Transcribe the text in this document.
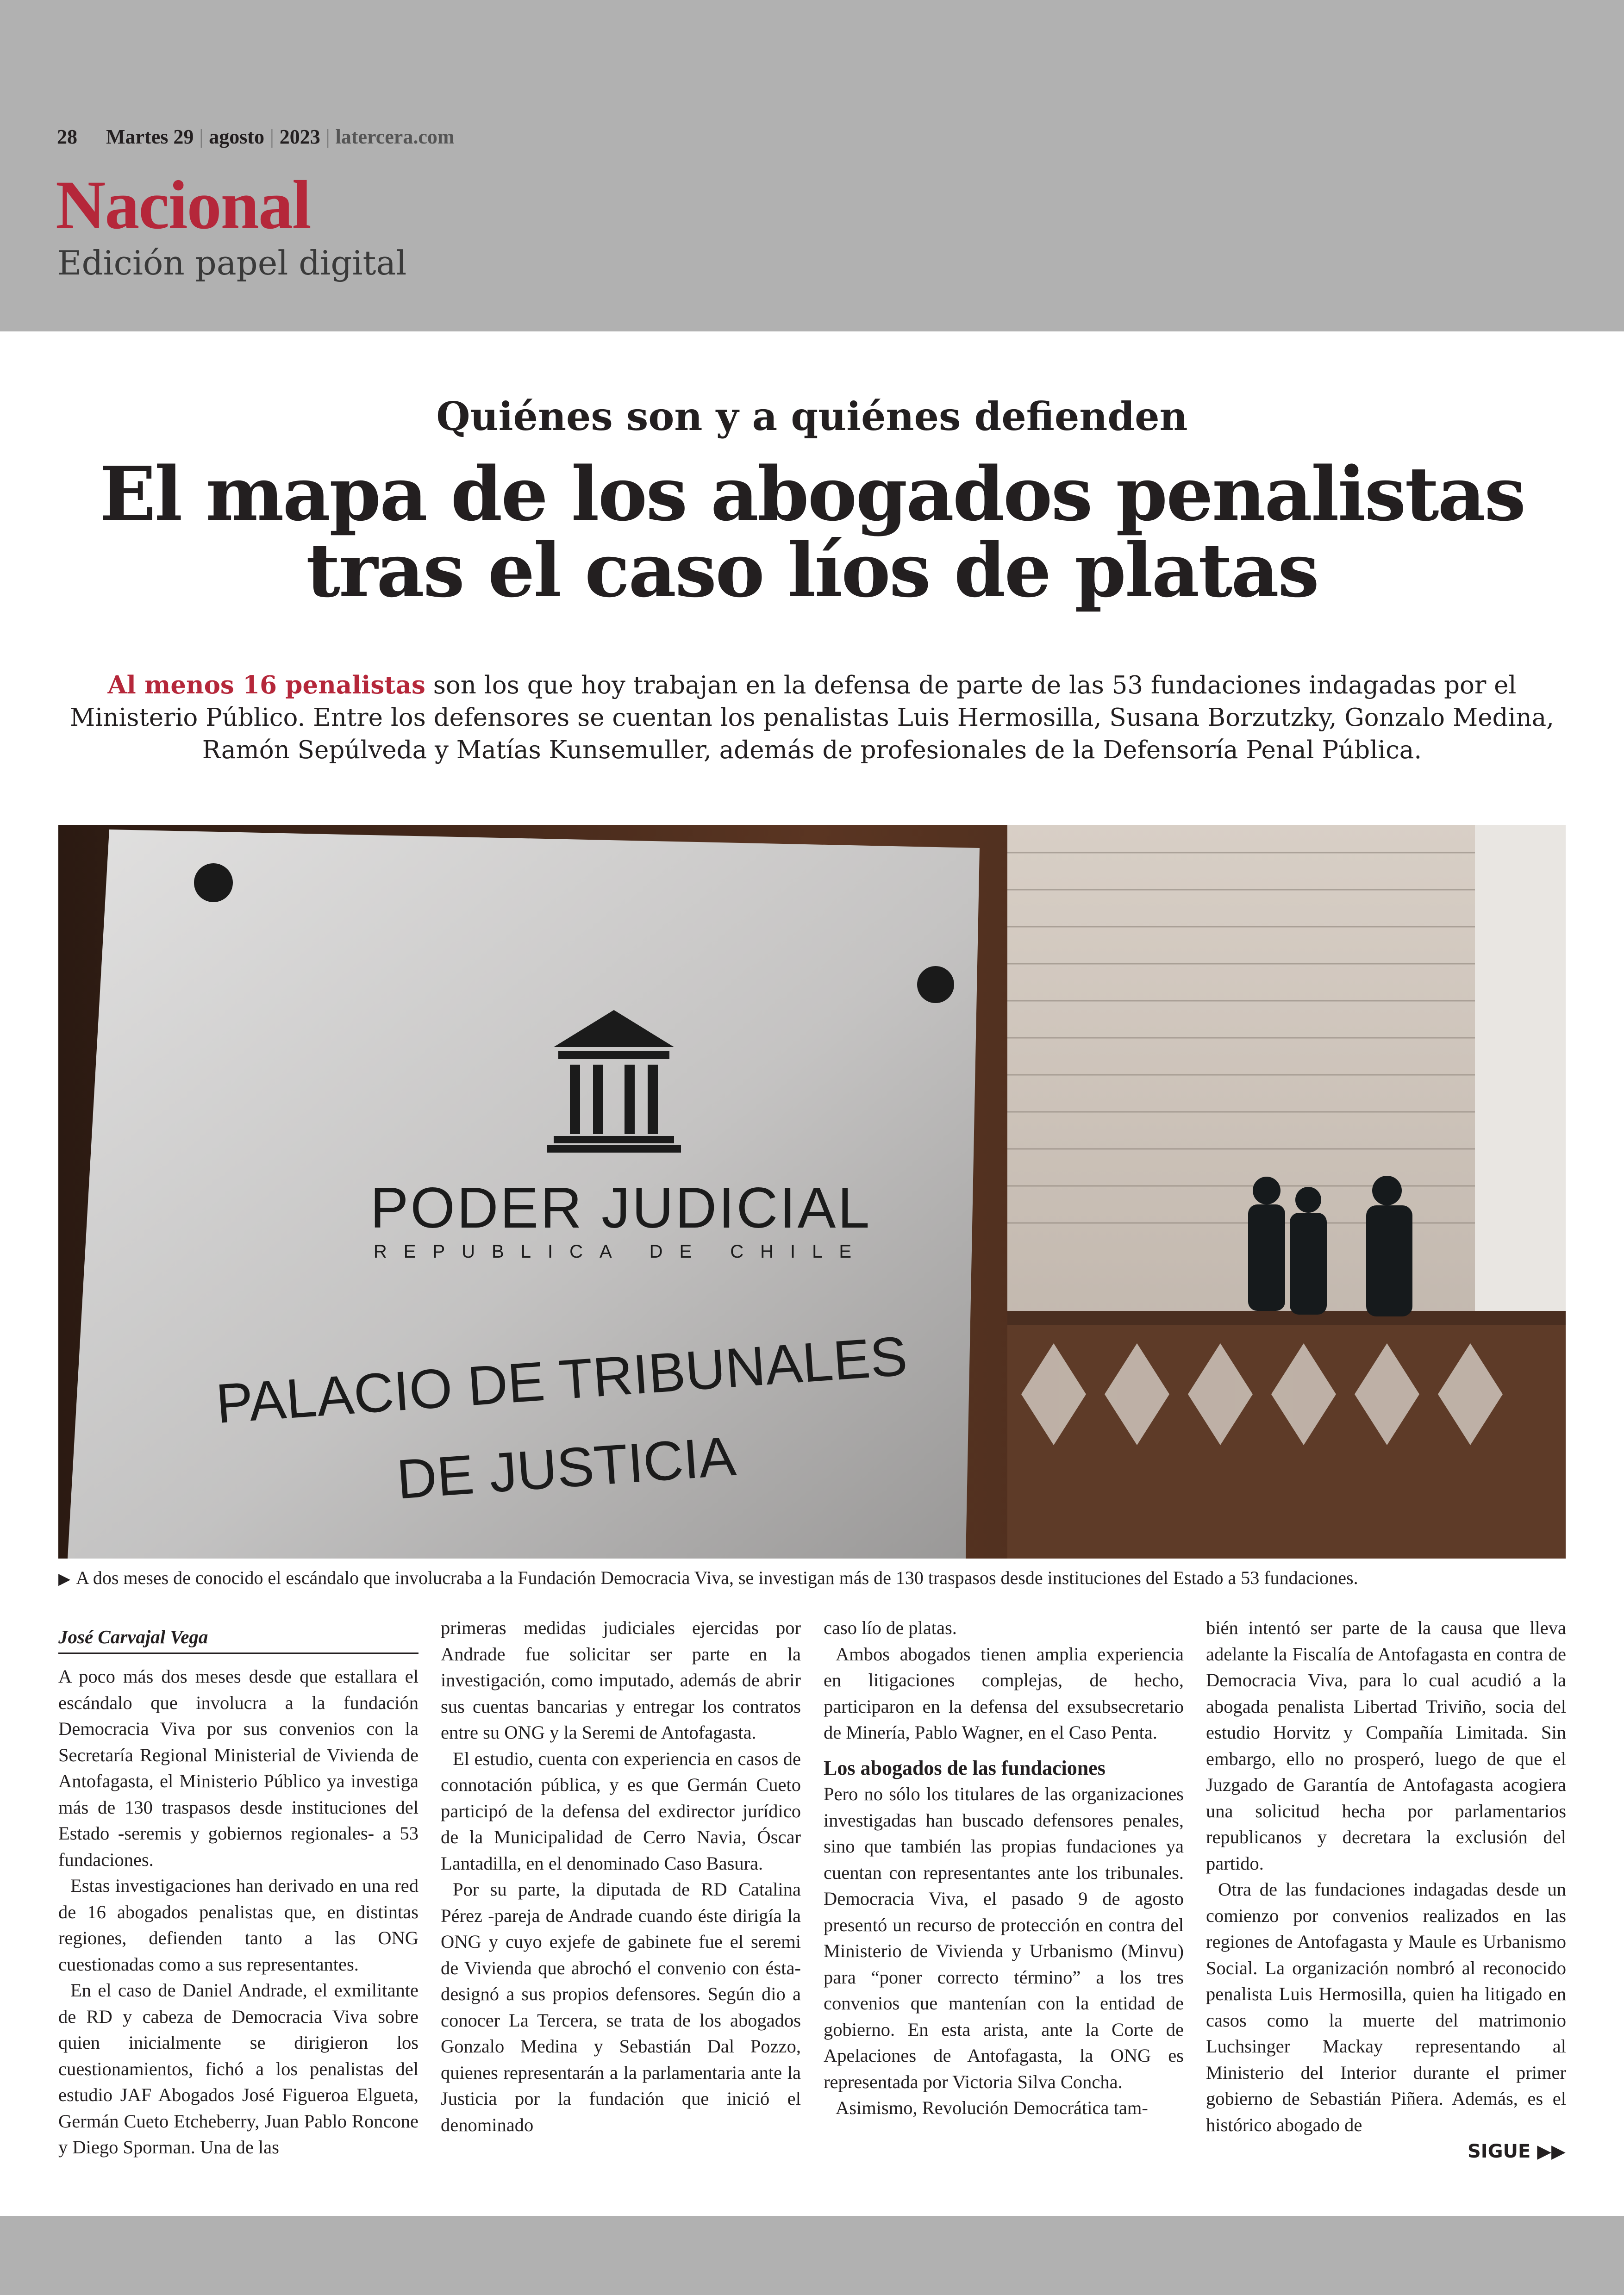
28 Martes 29 | agosto | 2023 | latercera.com
Nacional
Edición papel digital
Quiénes son y a quiénes defienden
El mapa de los abogados penalistas
tras el caso líos de platas
Al menos 16 penalistas son los que hoy trabajan en la defensa de parte de las 53 fundaciones indagadas por el Ministerio Público. Entre los defensores se cuentan los penalistas Luis Hermosilla, Susana Borzutzky, Gonzalo Medina, Ramón Sepúlveda y Matías Kunsemuller, además de profesionales de la Defensoría Penal Pública.
PODER JUDICIAL
REPUBLICA DE CHILE
PALACIO DE TRIBUNALES
DE JUSTICIA
▶ A dos meses de conocido el escándalo que involucraba a la Fundación Democracia Viva, se investigan más de 130 traspasos desde instituciones del Estado a 53 fundaciones.
José Carvajal Vega

A poco más dos meses desde que estallara el escándalo que involucra a la fundación Democracia Viva por sus convenios con la Secretaría Regional Ministerial de Vivienda de Antofagasta, el Ministerio Público ya investiga más de 130 traspasos desde instituciones del Estado -seremis y gobiernos regionales- a 53 fundaciones.

Estas investigaciones han derivado en una red de 16 abogados penalistas que, en distintas regiones, defienden tanto a las ONG cuestionadas como a sus representantes.

En el caso de Daniel Andrade, el exmilitante de RD y cabeza de Democracia Viva sobre quien inicialmente se dirigieron los cuestionamientos, fichó a los penalistas del estudio JAF Abogados José Figueroa Elgueta, Germán Cueto Etcheberry, Juan Pablo Roncone y Diego Sporman. Una de las

primeras medidas judiciales ejercidas por Andrade fue solicitar ser parte en la investigación, como imputado, además de abrir sus cuentas bancarias y entregar los contratos entre su ONG y la Seremi de Antofagasta.

El estudio, cuenta con experiencia en casos de connotación pública, y es que Germán Cueto participó de la defensa del exdirector jurídico de la Municipalidad de Cerro Navia, Óscar Lantadilla, en el denominado Caso Basura.

Por su parte, la diputada de RD Catalina Pérez -pareja de Andrade cuando éste dirigía la ONG y cuyo exjefe de gabinete fue el seremi de Vivienda que abrochó el convenio con ésta- designó a sus propios defensores. Según dio a conocer La Tercera, se trata de los abogados Gonzalo Medina y Sebastián Dal Pozzo, quienes representarán a la parlamentaria ante la Justicia por la fundación que inició el denominado

caso lío de platas.

Ambos abogados tienen amplia experiencia en litigaciones complejas, de hecho, participaron en la defensa del exsubsecretario de Minería, Pablo Wagner, en el Caso Penta.

Los abogados de las fundaciones

Pero no sólo los titulares de las organizaciones investigadas han buscado defensores penales, sino que también las propias fundaciones ya cuentan con representantes ante los tribunales. Democracia Viva, el pasado 9 de agosto presentó un recurso de protección en contra del Ministerio de Vivienda y Urbanismo (Minvu) para “poner correcto término” a los tres convenios que mantenían con la entidad de gobierno. En esta arista, ante la Corte de Apelaciones de Antofagasta, la ONG es representada por Victoria Silva Concha.

Asimismo, Revolución Democrática tam-

bién intentó ser parte de la causa que lleva adelante la Fiscalía de Antofagasta en contra de Democracia Viva, para lo cual acudió a la abogada penalista Libertad Triviño, socia del estudio Horvitz y Compañía Limitada. Sin embargo, ello no prosperó, luego de que el Juzgado de Garantía de Antofagasta acogiera una solicitud hecha por parlamentarios republicanos y decretara la exclusión del partido.

Otra de las fundaciones indagadas desde un comienzo por convenios realizados en las regiones de Antofagasta y Maule es Urbanismo Social. La organización nombró al reconocido penalista Luis Hermosilla, quien ha litigado en casos como la muerte del matrimonio Luchsinger Mackay representando al Ministerio del Interior durante el primer gobierno de Sebastián Piñera. Además, es el histórico abogado de

SIGUE ▶▶
